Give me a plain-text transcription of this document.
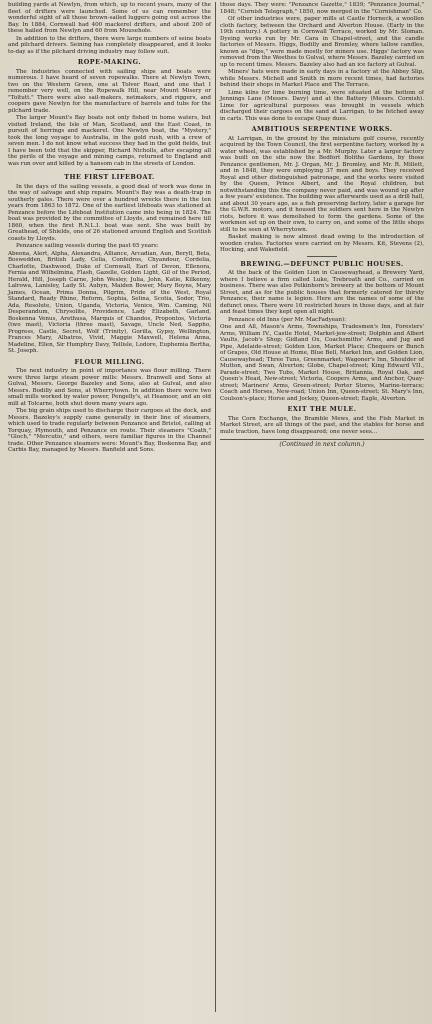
building yards at Newlyn, from which, up to recent years, many of the fleet of drifters were launched. Some of us can remember the wonderful sight of all those brown-sailed luggers going out across the Bay. In 1884, Cornwall had 400 mackerel drifters, and about 200 of these hailed from Newlyn and 60 from Mousehole.

In addition to the drifters, there were large numbers of seine boats and pilchard drivers. Seining has completely disappeared, and it looks to-day as if the pilchard driving industry may follow suit.

ROPE-MAKING.

The industries connected with sailing ships and boats were numerous. I have heard of seven ropewalks. There at Newlyn Town, two on the Western Green, one at Tolver Road, and one that I remember very well, on the Ropewalk Hill, near Mount Misery or "Toltutt." There were also sail-makers, netmakers, and riggers, and coopers gave Newlyn for the manufacture of barrels and tubs for the pilchard trade.

The larger Mount's Bay boats not only fished in home waters, but visited Ireland, the Isle of Man, Scotland, and the East Coast, in pursuit of herrings and mackerel. One Newlyn boat, the "Mystery," took the long voyage to Australia, in the gold rush, with a crew of seven men. I do not know what success they had in the gold fields, but I have been told that the skipper, Richard Nicholls, after escaping all the perils of the voyage and mining camps, returned to England and was run over and killed by a hansom cab in the streets of London.

THE FIRST LIFEBOAT.

In the days of the sailing vessels, a good deal of work was done in the way of salvage and ship repairs. Mount's Bay was a death-trap in southerly gales. There were over a hundred wrecks there in the ten years from 1863 to 1872. One of the earliest lifeboats was stationed at Penzance before the Lifeboat Institution came into being in 1824. The boat was provided by the committee of Lloyds, and remained here till 1860, when the first R.N.L.I. boat was sent. She was built by Greathead, of Shields, one of 26 stationed around English and Scottish coasts by Lloyds.

Penzance sailing vessels during the past 65 years:

Abeona, Alert, Alpha, Alexandra, Alliance, Arcadian, Aun, Beryll, Beta, Boswedden, British Lady, Celia, Confedros, Chyandour, Cordelia, Charlotte, Dashwood, Duke of Cornwall, Earl of Devon, Ellenora, Fernia and Wilhelmina, Flash, Gazelle, Golden Light, Gil of the Period, Herald, Hill, Joseph Carne, John Wesley, Julia, John, Katie, Kilkenny, Lalrowa, Lanisley, Lady St. Aubyn, Maiden Bower, Mary Boyns, Mary James, Ocean, Prima Donna, Pilgrim, Pride of the West, Royal Standard, Ready Rhino, Reform, Sophia, Selina, Scotia, Sodor, Trio, Ada, Resolute, Union, Uganda, Victoria, Venice, Wm. Caming, Nil Desperandum, Chrysolite, Providence, Lady Elizabeth, Garland, Boskenna Venus, Arethusa, Marquis of Chandos, Propontos, Victoria (two mast), Victoria (three mast), Savage, Uncle Ned, Sappho, Progress, Castle, Secret, Wolf (Trinity), Gorilla, Gypsy, Wellington, Frances Mary, Albatros, Vivid, Maggie Maxwell, Helena Anna, Madeline, Ellen, Sir Humphry Davy, Tellisle, Lodore, Euphemia Bertha, St. Joseph.

FLOUR MILLING.

The next industry in point of importance was flour milling. There were three large steam power mills: Messrs. Branwell and Sons at Gulval, Messrs. George Bazeley and Sons, also at Gulval, and also Messrs. Bodilly and Sons, at Wherrytown. In addition there were two small mills worked by water power, Pengelly's, at Heamoor, and an old mill at Tolcarne, both shut down many years ago.

The big grain ships used to discharge their cargoes at the dock, and Messrs. Bazeley's supply came generally in their line of steamers, which used to trade regularly between Penzance and Bristol, calling at Torquay, Plymouth, and Penzance en route. Their steamers "Coath," "Gloch," "Mercutio," and others, were familiar figures in the Channel trade. Other Penzance steamers were: Mount's Bay, Boskenna Bay, and Carbis Bay, managed by Messrs. Banfield and Sons.

those days. They were: "Penzance Gazette," 1839; "Penzance Journal," 1848; "Cornish Telegraph," 1850, now merged in the "Cornishman" Co.

Of other industries were, paper mills at Castle Horneck, a woollen cloth factory, between the Orchard and Alverton House. (Early in the 19th century.) A pottery in Cornwall Terrace, worked by Mr. Sloman. Dyeing works run by Mr. Cara in Chapel-street, and the candle factories of Messrs. Higgs, Bodilly and Bromley, where tallow candles, known as "dips," were made mostly for miners use. Higgs' factory was removed from the Weethes to Gulval, where Messrs. Bazeley carried on up to recent times. Messrs. Bazeley also had an ice factory at Gulval.

Miners' hats were made in early days in a factory at the Abbey Slip, while Messrs. Michell and Smith in more recent times, had factories behind their shops in Market Place and The Terrace.

Lime kilns for lime burning time, were situated at the bottom of Jennings Lane (Messrs. Davy) and at the Battery (Messrs. Cornish). Lime for agricultural purposes was brought in vessels which discharged their cargoes on the sand at Larrigan, to be fetched away in carts. This was done to escape Quay dues.

AMBITIOUS SERPENTINE WORKS.

At Larrigan, in the ground by the miniature golf course, recently acquired by the Town Council, the first serpentine factory, worked by a water wheel, was established by a Mr. Murphy. Later a larger factory was built on the site now the Bedfort Bolitho Gardens, by those Penzance gentlemen, Mr. J. Organ, Mr. J. Bromley, and Mr. R. Millett, and in 1848, they were employing 37 men and boys. They received Royal and other distinguished patronage, and the works were visited by the Queen, Prince Albert, and the Royal children, but notwithstanding this the company never paid, and was wound up after a few years' existence. The building was afterwards used as a drill hall, and about 30 years ago, as a fish preserving factory, later a garage for the G.W.R. motors, and it housed the soldiers sent here in the Newlyn riots, before it was demolished to form the gardens. Some of the workmen set up on their own, to carry on, and some of the little shops still to be seen at Wherrytown.

Basket making is now almost dead owing to the introduction of wooden crates. Factories were carried on by Messrs. Kit, Stevens (2), Hocking, and Wakefield.

BREWING.—DEFUNCT PUBLIC HOUSES.

At the back of the Golden Lion in Causewayhead, a Brewery Yard, where I believe a firm called Luke, Trebroath and Co., carried on business. There was also Polkinhorn's brewery at the bottom of Mount Street, and as for the public houses that formerly catered for thirsty Penzance, their name is legion. Here are the names of some of the defunct ones. There were 10 restricted hours in those days, and at fair and feast times they kept open all night.

Penzance old Inns (per Mr. MacFadyean):

One and All, Mason's Arms, Townships, Tradesmen's Inn, Foresters' Arms, William IV., Castle Hotel, Market-jew-street; Dolphin and Albert Vaults, Jacob's Shop; Gidland Ox, Coachsmiths' Arms, and Jug and Pipe, Adelaide-street; Golden Lion, Market Place; Chequers or Bunch of Grapes, Old House at Home, Blue Bell, Market Inn, and Golden Lion, Causewayhead; Three Tuns, Greenmarket; Wagoner's Inn, Shoulder of Mutton, and Swan, Alverton; Globe, Chapel-street; King Edward VII., Parade-street; Two Tubs, Market House, Britannia, Royal Oak, and Queen's Head, New-street; Victoria, Coopers Arms, and Anchor, Quay-street; Mariners' Arms, Green-street; Porter Stores, Marine-terrace; Coach and Horses, New-road; Union Inn, Queen-street; St. Mary's Inn, Coulson's-place; Horse and Jockey, Queen-street; Eagle, Alverton.

EXIT THE MULE.

The Corn Exchange, the Bramble Mews, and the Fish Market in Market Street, are all things of the past, and the stables for horse and mule traction, have long disappeared; one never sees...

(Continued in next column.)
